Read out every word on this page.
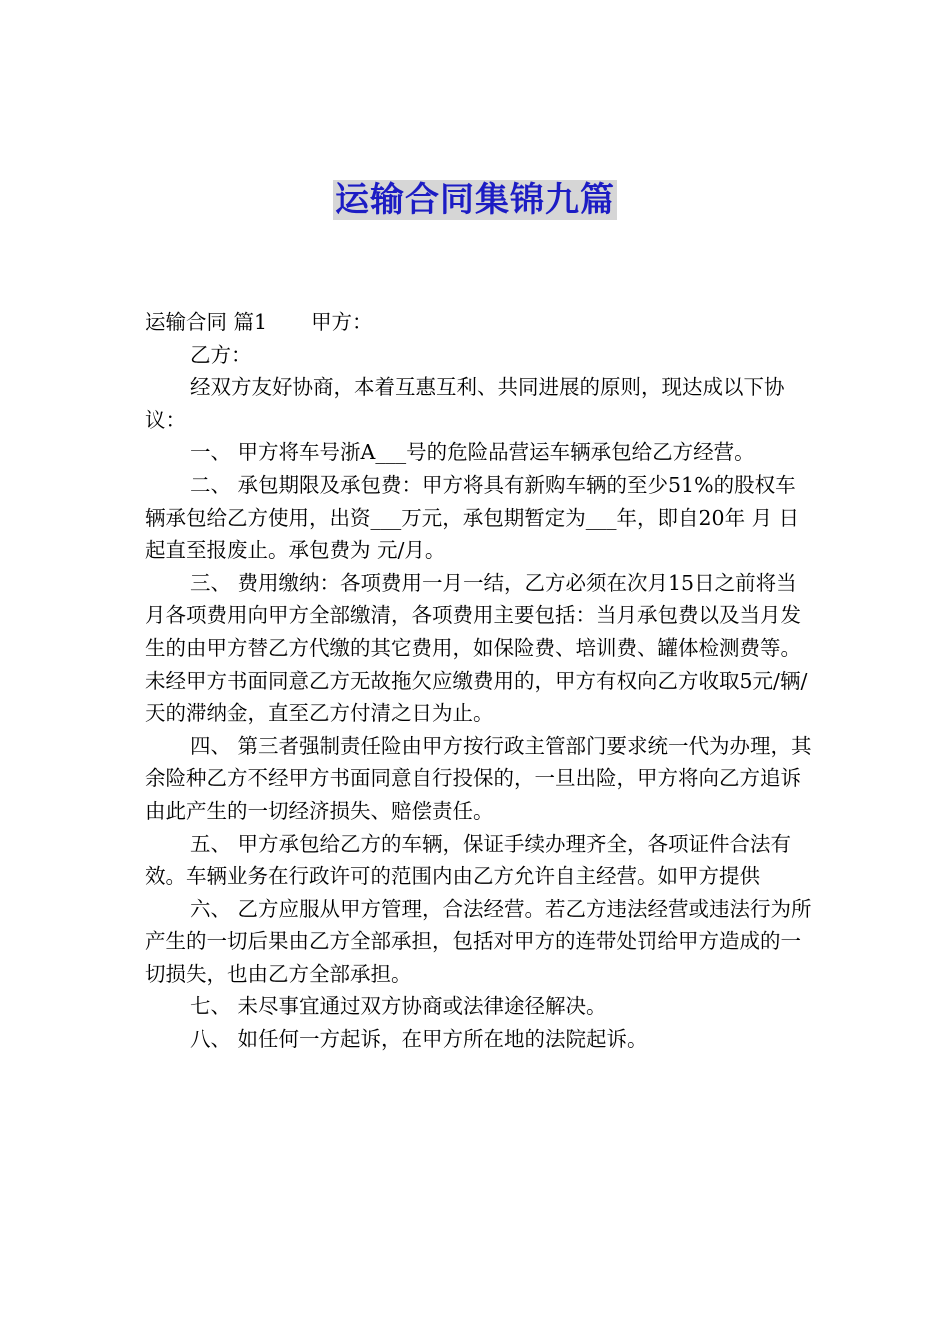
运输合同集锦九篇

运输合同 篇1 甲方：

乙方：

经双方友好协商，本着互惠互利、共同进展的原则，现达成以下协议：

一、 甲方将车号浙A___号的危险品营运车辆承包给乙方经营。

二、 承包期限及承包费：甲方将具有新购车辆的至少51%的股权车辆承包给乙方使用，出资___万元，承包期暂定为___年，即自20年 月 日起直至报废止。承包费为 元/月。

三、 费用缴纳：各项费用一月一结，乙方必须在次月15日之前将当月各项费用向甲方全部缴清，各项费用主要包括：当月承包费以及当月发生的由甲方替乙方代缴的其它费用，如保险费、培训费、罐体检测费等。未经甲方书面同意乙方无故拖欠应缴费用的，甲方有权向乙方收取5元/辆/天的滞纳金，直至乙方付清之日为止。

四、 第三者强制责任险由甲方按行政主管部门要求统一代为办理，其余险种乙方不经甲方书面同意自行投保的，一旦出险，甲方将向乙方追诉由此产生的一切经济损失、赔偿责任。

五、 甲方承包给乙方的车辆，保证手续办理齐全，各项证件合法有效。车辆业务在行政许可的范围内由乙方允许自主经营。如甲方提供

六、 乙方应服从甲方管理，合法经营。若乙方违法经营或违法行为所产生的一切后果由乙方全部承担，包括对甲方的连带处罚给甲方造成的一切损失，也由乙方全部承担。

七、 未尽事宜通过双方协商或法律途径解决。

八、 如任何一方起诉，在甲方所在地的法院起诉。
